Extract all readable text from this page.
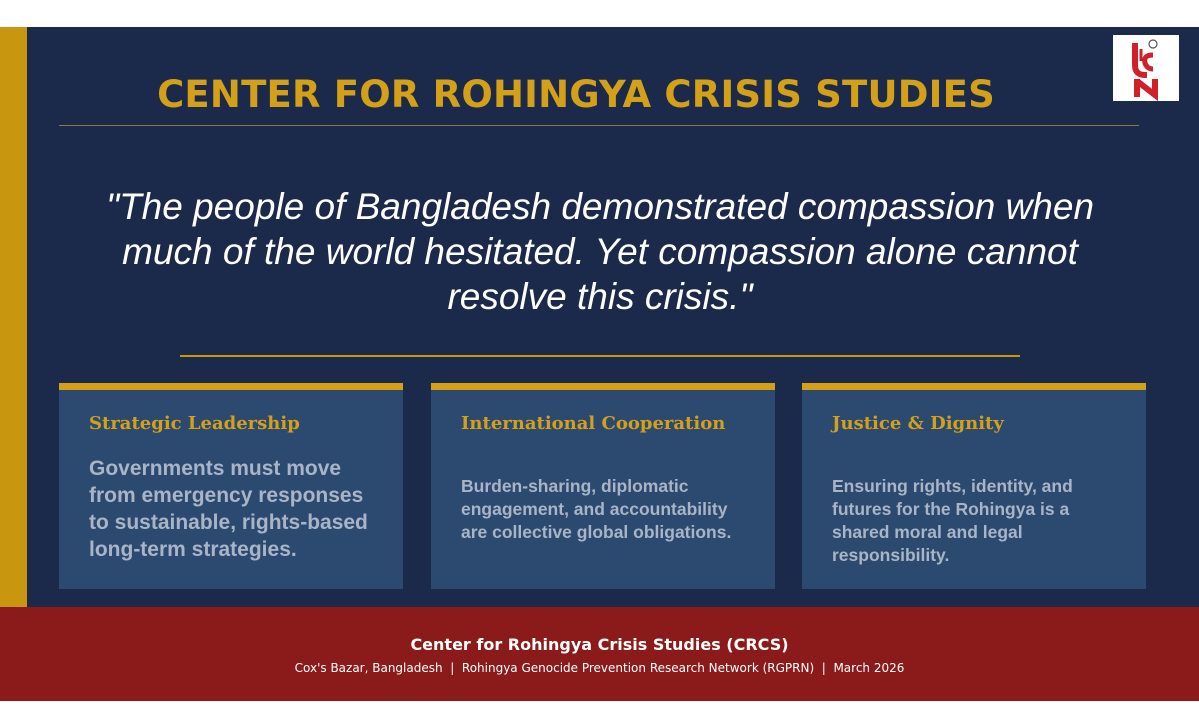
CENTER FOR ROHINGYA CRISIS STUDIES
"The people of Bangladesh demonstrated compassion when much of the world hesitated. Yet compassion alone cannot resolve this crisis."
Strategic Leadership
Governments must move from emergency responses to sustainable, rights-based long-term strategies.
International Cooperation
Burden-sharing, diplomatic engagement, and accountability are collective global obligations.
Justice & Dignity
Ensuring rights, identity, and futures for the Rohingya is a shared moral and legal responsibility.
Center for Rohingya Crisis Studies (CRCS)
Cox's Bazar, Bangladesh  |  Rohingya Genocide Prevention Research Network (RGPRN)  |  March 2026
